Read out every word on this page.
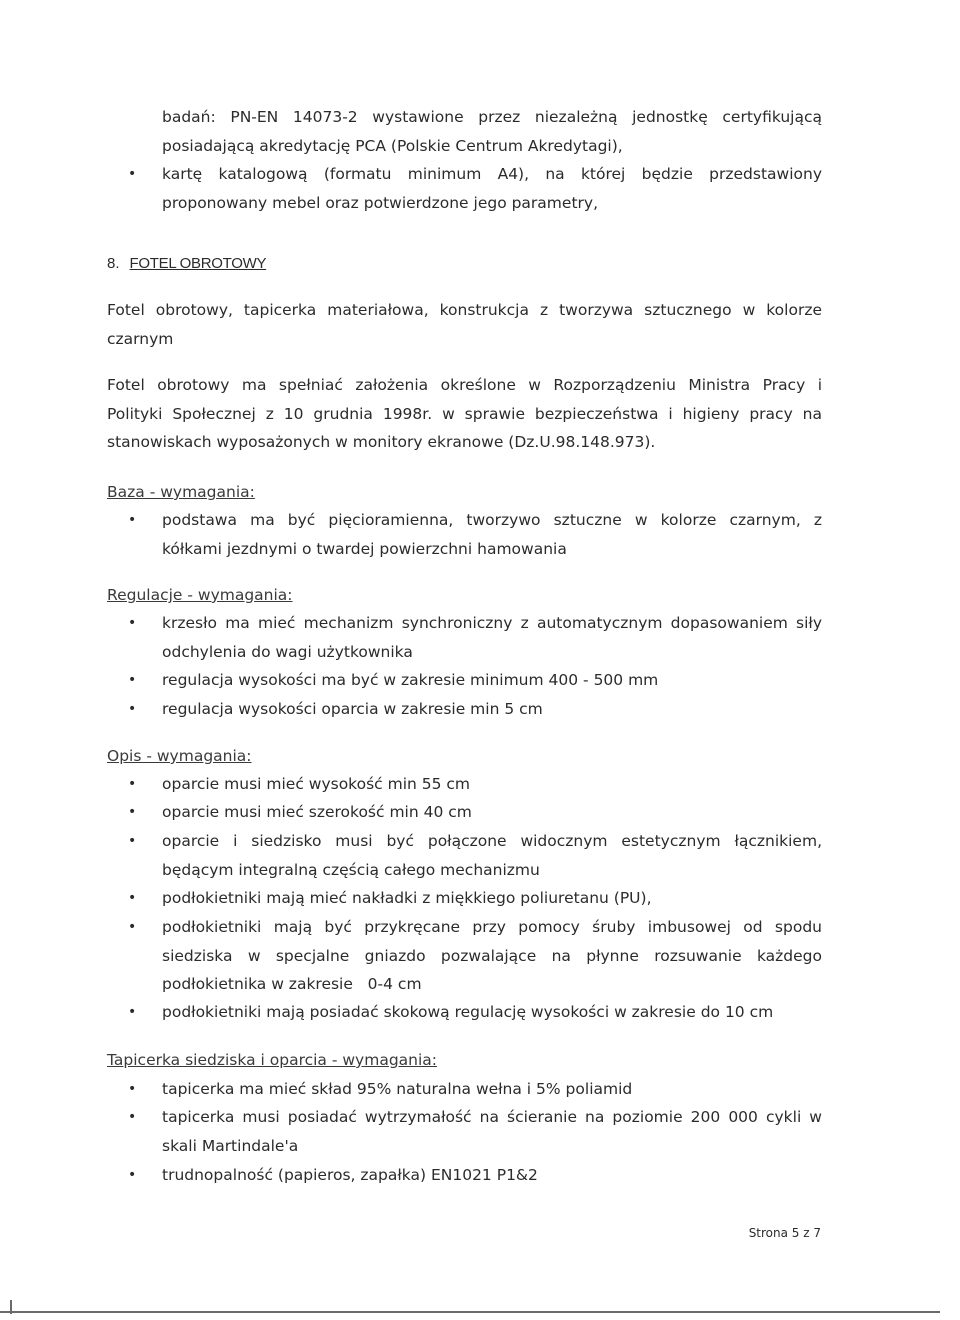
badań: PN-EN 14073-2 wystawione przez niezależną jednostkę certyfikującą
posiadającą akredytację PCA (Polskie Centrum Akredytagi),
• kartę katalogową (formatu minimum A4), na której będzie przedstawiony
proponowany mebel oraz potwierdzone jego parametry,
8. FOTEL OBROTOWY
Fotel obrotowy, tapicerka materiałowa, konstrukcja z tworzywa sztucznego w kolorze
czarnym
Fotel obrotowy ma spełniać założenia określone w Rozporządzeniu Ministra Pracy i
Polityki Społecznej z 10 grudnia 1998r. w sprawie bezpieczeństwa i higieny pracy na
stanowiskach wyposażonych w monitory ekranowe (Dz.U.98.148.973).
Baza - wymagania:
• podstawa ma być pięcioramienna, tworzywo sztuczne w kolorze czarnym, z
kółkami jezdnymi o twardej powierzchni hamowania
Regulacje - wymagania:
• krzesło ma mieć mechanizm synchroniczny z automatycznym dopasowaniem siły
odchylenia do wagi użytkownika
• regulacja wysokości ma być w zakresie minimum 400 - 500 mm
• regulacja wysokości oparcia w zakresie min 5 cm
Opis - wymagania:
• oparcie musi mieć wysokość min 55 cm
• oparcie musi mieć szerokość min 40 cm
• oparcie i siedzisko musi być połączone widocznym estetycznym łącznikiem,
będącym integralną częścią całego mechanizmu
• podłokietniki mają mieć nakładki z miękkiego poliuretanu (PU),
• podłokietniki mają być przykręcane przy pomocy śruby imbusowej od spodu
siedziska w specjalne gniazdo pozwalające na płynne rozsuwanie każdego
podłokietnika w zakresie   0-4 cm
• podłokietniki mają posiadać skokową regulację wysokości w zakresie do 10 cm
Tapicerka siedziska i oparcia - wymagania:
• tapicerka ma mieć skład 95% naturalna wełna i 5% poliamid
• tapicerka musi posiadać wytrzymałość na ścieranie na poziomie 200 000 cykli w
skali Martindale'a
• trudnopalność (papieros, zapałka) EN1021 P1&2
Strona 5 z 7
